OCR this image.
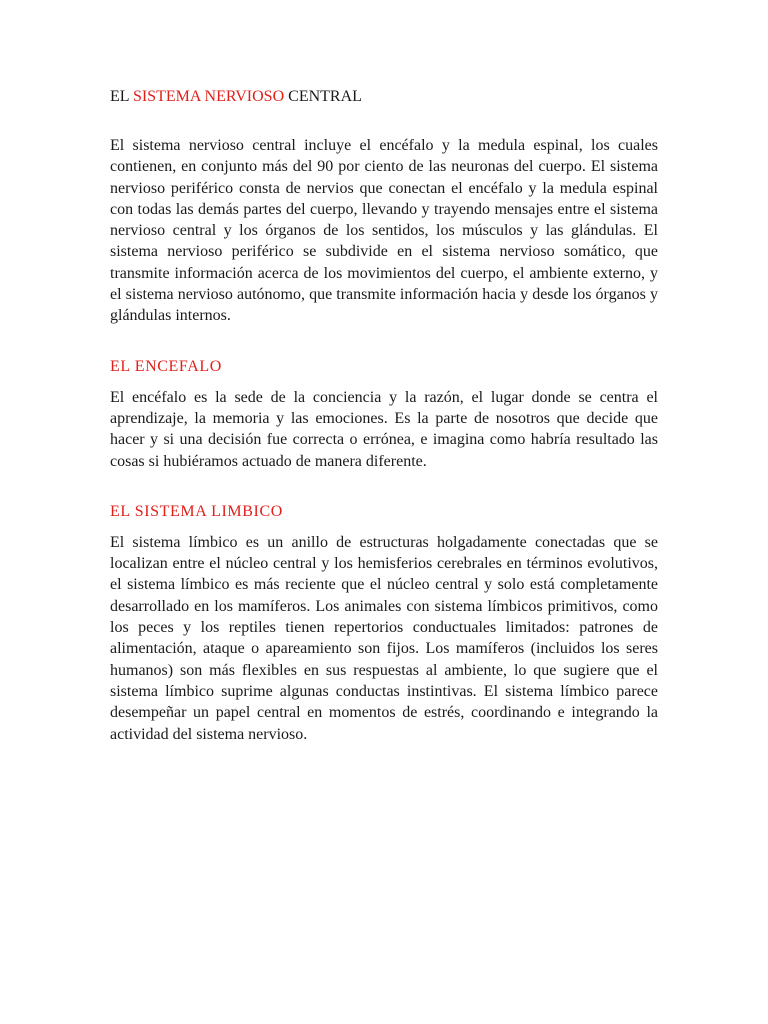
EL SISTEMA NERVIOSO CENTRAL

El sistema nervioso central incluye el encéfalo y la medula espinal, los cuales contienen, en conjunto más del 90 por ciento de las neuronas del cuerpo. El sistema nervioso periférico consta de nervios que conectan el encéfalo y la medula espinal con todas las demás partes del cuerpo, llevando y trayendo mensajes entre el sistema nervioso central y los órganos de los sentidos, los músculos y las glándulas. El sistema nervioso periférico se subdivide en el sistema nervioso somático, que transmite información acerca de los movimientos del cuerpo, el ambiente externo, y el sistema nervioso autónomo, que transmite información hacia y desde los órganos y glándulas internos.

EL ENCEFALO

El encéfalo es la sede de la conciencia y la razón, el lugar donde se centra el aprendizaje, la memoria y las emociones. Es la parte de nosotros que decide que hacer y si una decisión fue correcta o errónea, e imagina como habría resultado las cosas si hubiéramos actuado de manera diferente.

EL SISTEMA LIMBICO

El sistema límbico es un anillo de estructuras holgadamente conectadas que se localizan entre el núcleo central y los hemisferios cerebrales en términos evolutivos, el sistema límbico es más reciente que el núcleo central y solo está completamente desarrollado en los mamíferos. Los animales con sistema límbicos primitivos, como los peces y los reptiles tienen repertorios conductuales limitados: patrones de alimentación, ataque o apareamiento son fijos. Los mamíferos (incluidos los seres humanos) son más flexibles en sus respuestas al ambiente, lo que sugiere que el sistema límbico suprime algunas conductas instintivas. El sistema límbico parece desempeñar un papel central en momentos de estrés, coordinando e integrando la actividad del sistema nervioso.
